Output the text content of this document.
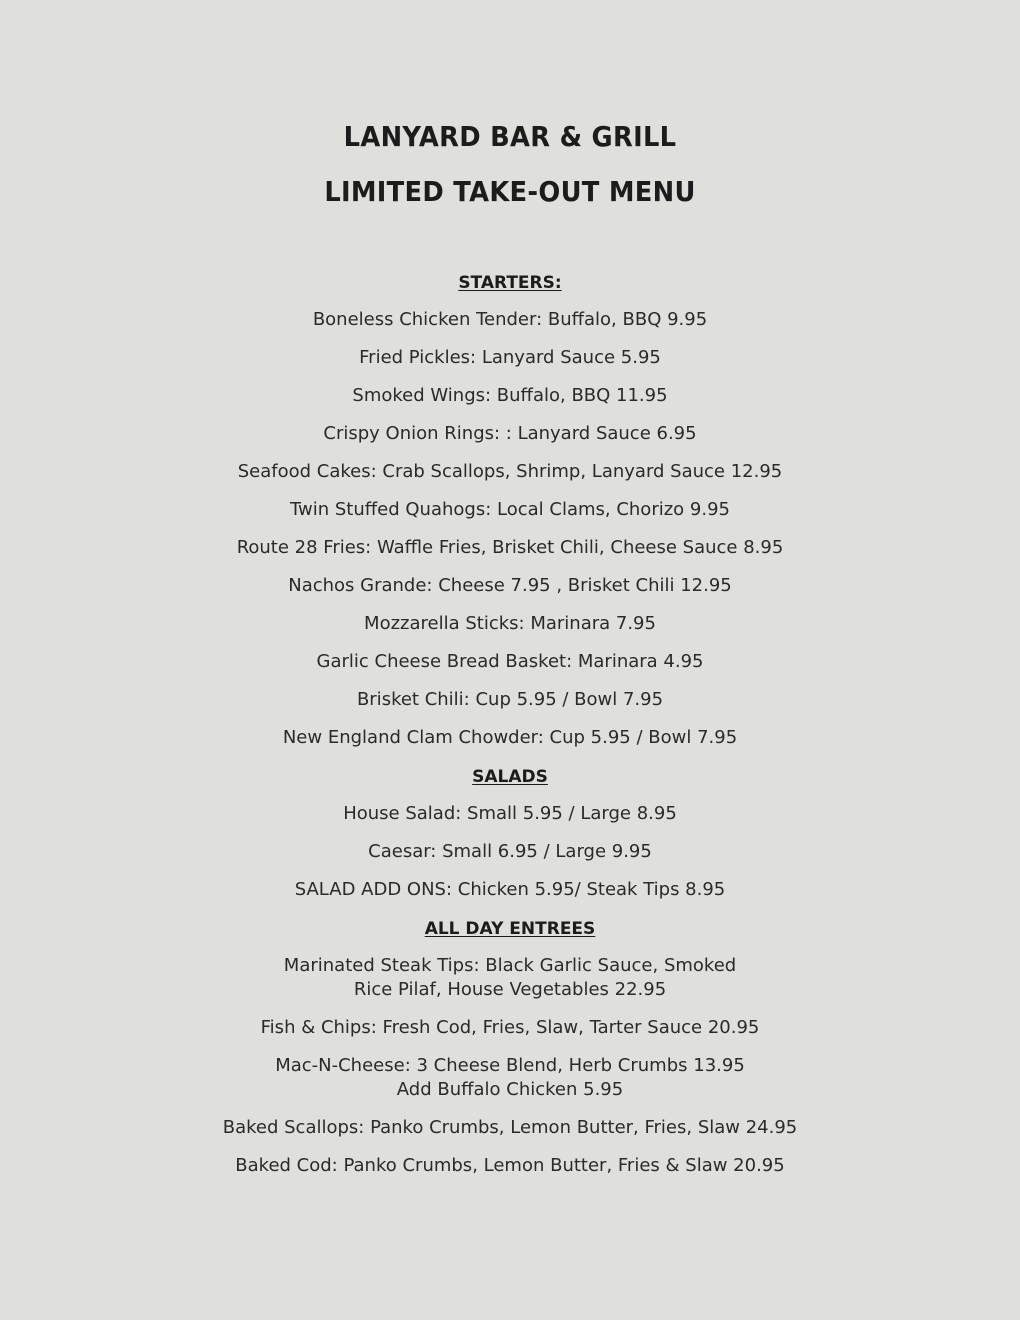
LANYARD BAR & GRILL
LIMITED TAKE-OUT MENU
STARTERS:
Boneless Chicken Tender: Buffalo, BBQ 9.95
Fried Pickles: Lanyard Sauce 5.95
Smoked Wings: Buffalo, BBQ 11.95
Crispy Onion Rings: : Lanyard Sauce 6.95
Seafood Cakes: Crab Scallops, Shrimp, Lanyard Sauce 12.95
Twin Stuffed Quahogs: Local Clams, Chorizo 9.95
Route 28 Fries: Waffle Fries, Brisket Chili, Cheese Sauce 8.95
Nachos Grande: Cheese 7.95 , Brisket Chili 12.95
Mozzarella Sticks: Marinara 7.95
Garlic Cheese Bread Basket: Marinara 4.95
Brisket Chili: Cup 5.95 / Bowl 7.95
New England Clam Chowder: Cup 5.95 / Bowl 7.95
SALADS
House Salad: Small 5.95 / Large 8.95
Caesar: Small 6.95 / Large 9.95
SALAD ADD ONS: Chicken 5.95/ Steak Tips 8.95
ALL DAY ENTREES
Marinated Steak Tips: Black Garlic Sauce, Smoked
Rice Pilaf, House Vegetables 22.95
Fish & Chips: Fresh Cod, Fries, Slaw, Tarter Sauce 20.95
Mac-N-Cheese: 3 Cheese Blend, Herb Crumbs 13.95
Add Buffalo Chicken 5.95
Baked Scallops: Panko Crumbs, Lemon Butter, Fries, Slaw 24.95
Baked Cod: Panko Crumbs, Lemon Butter, Fries & Slaw 20.95
